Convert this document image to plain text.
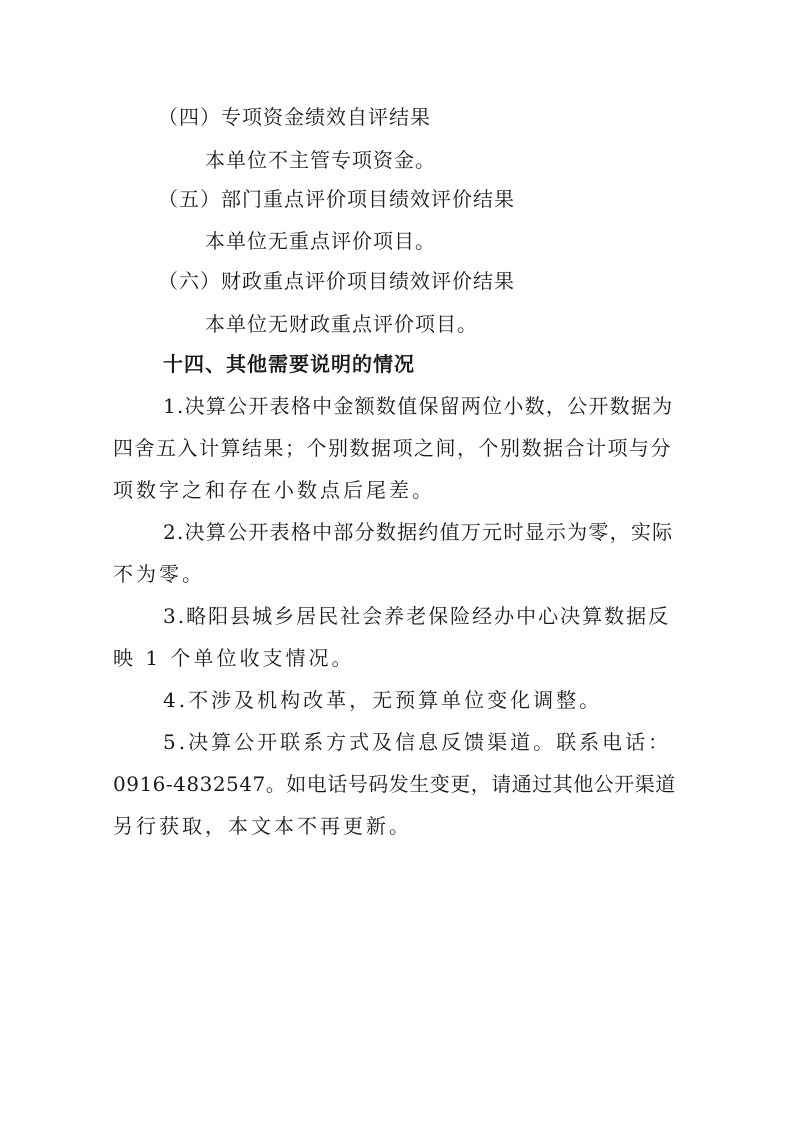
（四）专项资金绩效自评结果
本单位不主管专项资金。
（五）部门重点评价项目绩效评价结果
本单位无重点评价项目。
（六）财政重点评价项目绩效评价结果
本单位无财政重点评价项目。
十四、其他需要说明的情况
1.决算公开表格中金额数值保留两位小数，公开数据为
四舍五入计算结果；个别数据项之间，个别数据合计项与分
项数字之和存在小数点后尾差。
2.决算公开表格中部分数据约值万元时显示为零，实际
不为零。
3.略阳县城乡居民社会养老保险经办中心决算数据反
映 1 个单位收支情况。
4.不涉及机构改革，无预算单位变化调整。
5.决算公开联系方式及信息反馈渠道。联系电话：
0916-4832547。如电话号码发生变更，请通过其他公开渠道
另行获取，本文本不再更新。
